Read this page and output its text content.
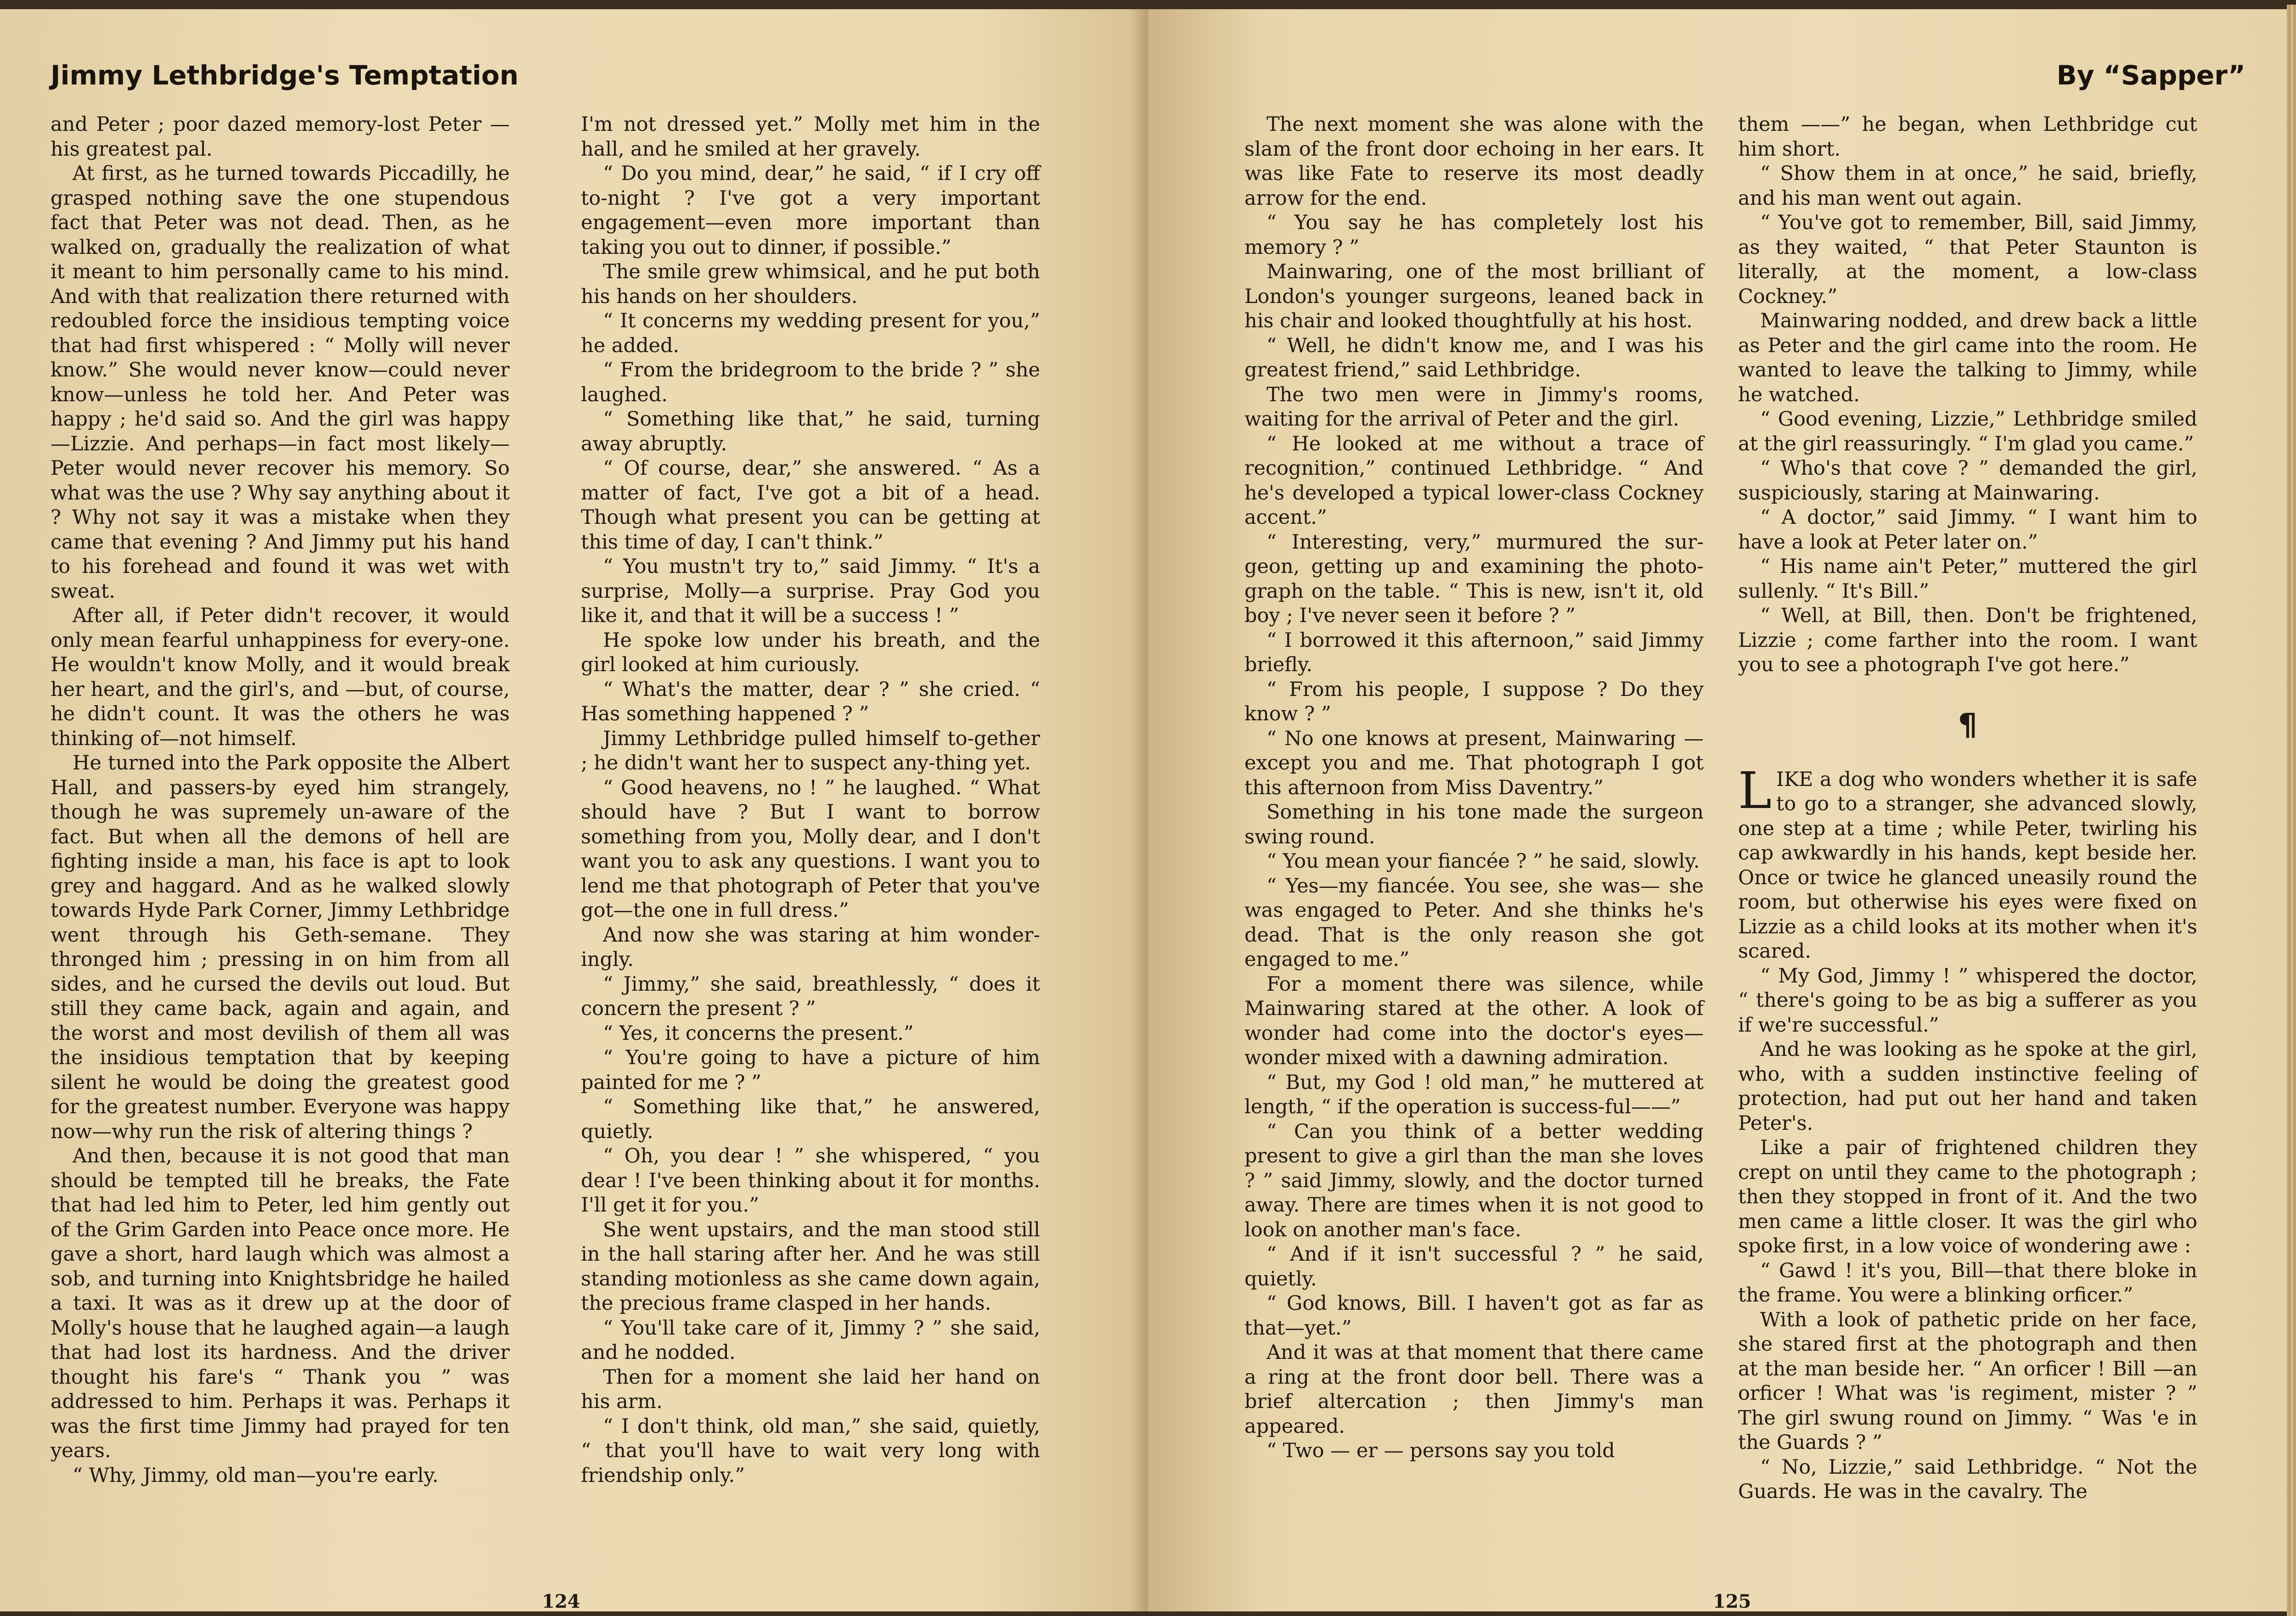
Jimmy Lethbridge's Temptation

and Peter ; poor dazed memory-lost Peter —his greatest pal.

At first, as he turned towards Piccadilly, he grasped nothing save the one stupendous fact that Peter was not dead. Then, as he walked on, gradually the realization of what it meant to him personally came to his mind. And with that realization there returned with redoubled force the insidious tempting voice that had first whispered : “ Molly will never know.” She would never know—could never know—unless he told her. And Peter was happy ; he'd said so. And the girl was happy—Lizzie. And perhaps—in fact most likely—Peter would never recover his memory. So what was the use ? Why say anything about it ? Why not say it was a mistake when they came that evening ? And Jimmy put his hand to his forehead and found it was wet with sweat.

After all, if Peter didn't recover, it would only mean fearful unhappiness for every-one. He wouldn't know Molly, and it would break her heart, and the girl's, and —but, of course, he didn't count. It was the others he was thinking of—not himself.

He turned into the Park opposite the Albert Hall, and passers-by eyed him strangely, though he was supremely un-aware of the fact. But when all the demons of hell are fighting inside a man, his face is apt to look grey and haggard. And as he walked slowly towards Hyde Park Corner, Jimmy Lethbridge went through his Geth-semane. They thronged him ; pressing in on him from all sides, and he cursed the devils out loud. But still they came back, again and again, and the worst and most devilish of them all was the insidious temptation that by keeping silent he would be doing the greatest good for the greatest number. Everyone was happy now—why run the risk of altering things ?

And then, because it is not good that man should be tempted till he breaks, the Fate that had led him to Peter, led him gently out of the Grim Garden into Peace once more. He gave a short, hard laugh which was almost a sob, and turning into Knightsbridge he hailed a taxi. It was as it drew up at the door of Molly's house that he laughed again—a laugh that had lost its hardness. And the driver thought his fare's “ Thank you ” was addressed to him. Perhaps it was. Perhaps it was the first time Jimmy had prayed for ten years.

“ Why, Jimmy, old man—you're early.

I'm not dressed yet.” Molly met him in the hall, and he smiled at her gravely.

“ Do you mind, dear,” he said, “ if I cry off to-night ? I've got a very important engagement—even more important than taking you out to dinner, if possible.”

The smile grew whimsical, and he put both his hands on her shoulders.

“ It concerns my wedding present for you,” he added.

“ From the bridegroom to the bride ? ” she laughed.

“ Something like that,” he said, turning away abruptly.

“ Of course, dear,” she answered. “ As a matter of fact, I've got a bit of a head. Though what present you can be getting at this time of day, I can't think.”

“ You mustn't try to,” said Jimmy. “ It's a surprise, Molly—a surprise. Pray God you like it, and that it will be a success ! ”

He spoke low under his breath, and the girl looked at him curiously.

“ What's the matter, dear ? ” she cried. “ Has something happened ? ”

Jimmy Lethbridge pulled himself to-gether ; he didn't want her to suspect any-thing yet.

“ Good heavens, no ! ” he laughed. “ What should have ? But I want to borrow something from you, Molly dear, and I don't want you to ask any questions. I want you to lend me that photograph of Peter that you've got—the one in full dress.”

And now she was staring at him wonder-ingly.

“ Jimmy,” she said, breathlessly, “ does it concern the present ? ”

“ Yes, it concerns the present.”

“ You're going to have a picture of him painted for me ? ”

“ Something like that,” he answered, quietly.

“ Oh, you dear ! ” she whispered, “ you dear ! I've been thinking about it for months. I'll get it for you.”

She went upstairs, and the man stood still in the hall staring after her. And he was still standing motionless as she came down again, the precious frame clasped in her hands.

“ You'll take care of it, Jimmy ? ” she said, and he nodded.

Then for a moment she laid her hand on his arm.

“ I don't think, old man,” she said, quietly, “ that you'll have to wait very long with friendship only.”

124
By “Sapper”

The next moment she was alone with the slam of the front door echoing in her ears. It was like Fate to reserve its most deadly arrow for the end.

“ You say he has completely lost his memory ? ”

Mainwaring, one of the most brilliant of London's younger surgeons, leaned back in his chair and looked thoughtfully at his host.

“ Well, he didn't know me, and I was his greatest friend,” said Lethbridge.

The two men were in Jimmy's rooms, waiting for the arrival of Peter and the girl.

“ He looked at me without a trace of recognition,” continued Lethbridge. “ And he's developed a typical lower-class Cockney accent.”

“ Interesting, very,” murmured the sur-geon, getting up and examining the photo-graph on the table. “ This is new, isn't it, old boy ; I've never seen it before ? ”

“ I borrowed it this afternoon,” said Jimmy briefly.

“ From his people, I suppose ? Do they know ? ”

“ No one knows at present, Mainwaring —except you and me. That photograph I got this afternoon from Miss Daventry.”

Something in his tone made the surgeon swing round.

“ You mean your fiancée ? ” he said, slowly.

“ Yes—my fiancée. You see, she was— she was engaged to Peter. And she thinks he's dead. That is the only reason she got engaged to me.”

For a moment there was silence, while Mainwaring stared at the other. A look of wonder had come into the doctor's eyes— wonder mixed with a dawning admiration.

“ But, my God ! old man,” he muttered at length, “ if the operation is success-ful——”

“ Can you think of a better wedding present to give a girl than the man she loves ? ” said Jimmy, slowly, and the doctor turned away. There are times when it is not good to look on another man's face.

“ And if it isn't successful ? ” he said, quietly.

“ God knows, Bill. I haven't got as far as that—yet.”

And it was at that moment that there came a ring at the front door bell. There was a brief altercation ; then Jimmy's man appeared.

“ Two — er — persons say you told

them ——” he began, when Lethbridge cut him short.

“ Show them in at once,” he said, briefly, and his man went out again.

“ You've got to remember, Bill, said Jimmy, as they waited, “ that Peter Staunton is literally, at the moment, a low-class Cockney.”

Mainwaring nodded, and drew back a little as Peter and the girl came into the room. He wanted to leave the talking to Jimmy, while he watched.

“ Good evening, Lizzie,” Lethbridge smiled at the girl reassuringly. “ I'm glad you came.”

“ Who's that cove ? ” demanded the girl, suspiciously, staring at Mainwaring.

“ A doctor,” said Jimmy. “ I want him to have a look at Peter later on.”

“ His name ain't Peter,” muttered the girl sullenly. “ It's Bill.”

“ Well, at Bill, then. Don't be frightened, Lizzie ; come farther into the room. I want you to see a photograph I've got here.”

¶

LIKE a dog who wonders whether it is safe to go to a stranger, she advanced slowly, one step at a time ; while Peter, twirling his cap awkwardly in his hands, kept beside her. Once or twice he glanced uneasily round the room, but otherwise his eyes were fixed on Lizzie as a child looks at its mother when it's scared.

“ My God, Jimmy ! ” whispered the doctor, “ there's going to be as big a sufferer as you if we're successful.”

And he was looking as he spoke at the girl, who, with a sudden instinctive feeling of protection, had put out her hand and taken Peter's.

Like a pair of frightened children they crept on until they came to the photograph ; then they stopped in front of it. And the two men came a little closer. It was the girl who spoke first, in a low voice of wondering awe :

“ Gawd ! it's you, Bill—that there bloke in the frame. You were a blinking orficer.”

With a look of pathetic pride on her face, she stared first at the photograph and then at the man beside her. “ An orficer ! Bill —an orficer ! What was 'is regiment, mister ? ” The girl swung round on Jimmy. “ Was 'e in the Guards ? ”

“ No, Lizzie,” said Lethbridge. “ Not the Guards. He was in the cavalry. The

125
